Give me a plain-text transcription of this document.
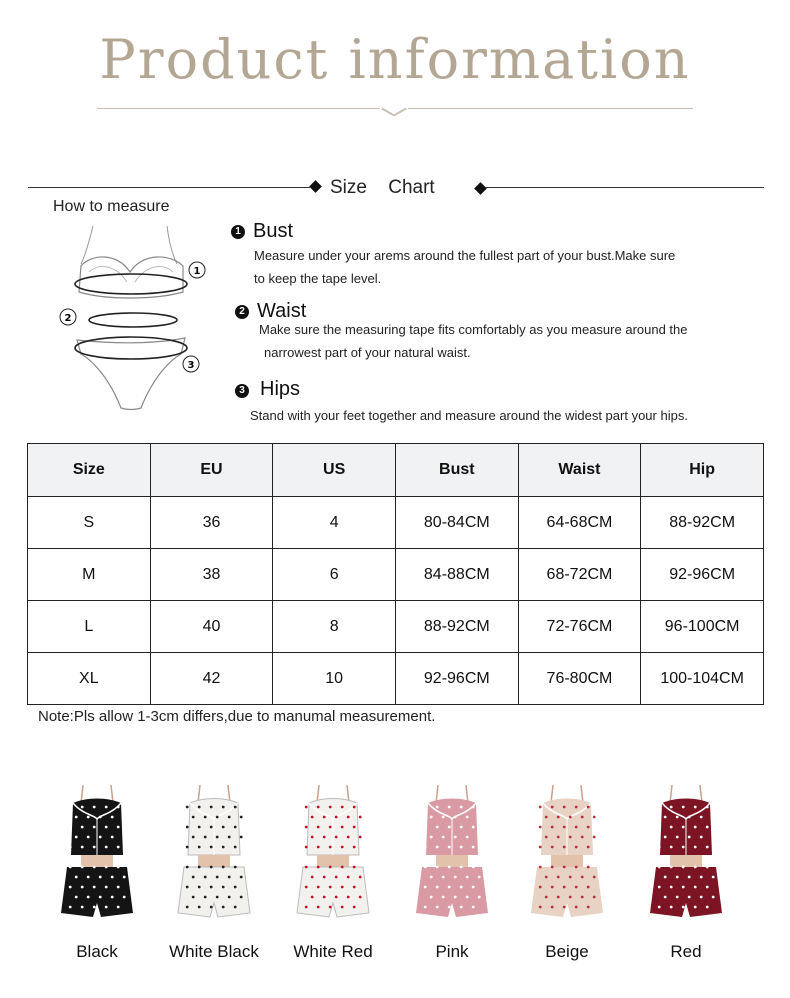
Product information
Size Chart
How to measure
1
2
3
1 Bust
Measure under your arems around the fullest part of your bust.Make sure
to keep the tape level.
2 Waist
Make sure the measuring tape fits comfortably as you measure around the
narrowest part of your natural waist.
3 Hips
Stand with your feet together and measure around the widest part your hips.
Size	EU	US	Bust	Waist	Hip
S	36	4	80-84CM	64-68CM	88-92CM
M	38	6	84-88CM	68-72CM	92-96CM
L	40	8	88-92CM	72-76CM	96-100CM
XL	42	10	92-96CM	76-80CM	100-104CM
Note:Pls allow 1-3cm differs,due to manumal measurement.
Black	White Black	White Red	Pink	Beige	Red
